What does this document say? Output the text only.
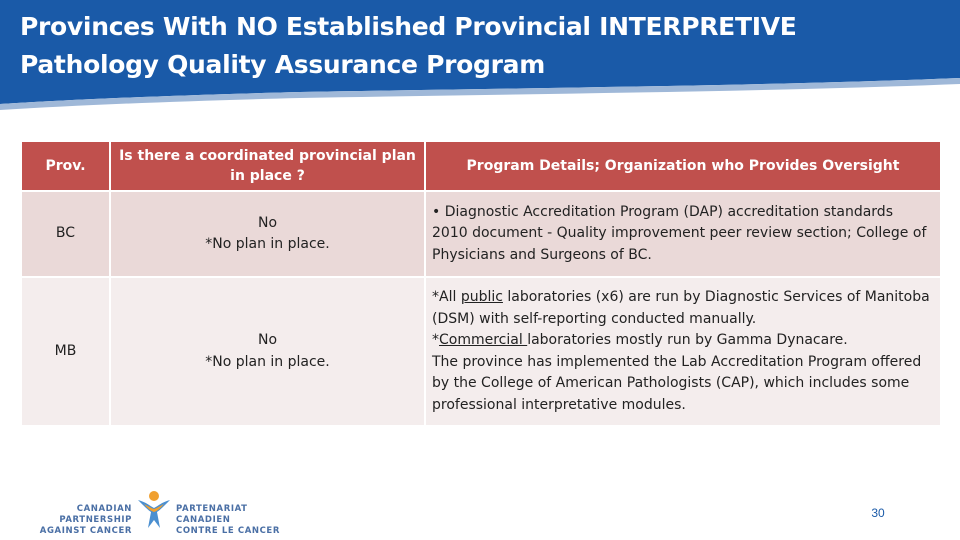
Provinces With NO Established Provincial INTERPRETIVE
Pathology Quality Assurance Program
Prov.
Is there a coordinated provincial plan in place ?
Program Details; Organization who Provides Oversight
BC
No
*No plan in place.
• Diagnostic Accreditation Program (DAP) accreditation standards 2010 document - Quality improvement peer review section; College of Physicians and Surgeons of BC.
MB
No
*No plan in place.
*All public laboratories (x6) are run by Diagnostic Services of Manitoba (DSM) with self-reporting conducted manually.
*Commercial laboratories mostly run by Gamma Dynacare.
The province has implemented the Lab Accreditation Program offered by the College of American Pathologists (CAP), which includes some professional interpretative modules.
CANADIAN PARTNERSHIP
AGAINST CANCER
PARTENARIAT CANADIEN
CONTRE LE CANCER
30
